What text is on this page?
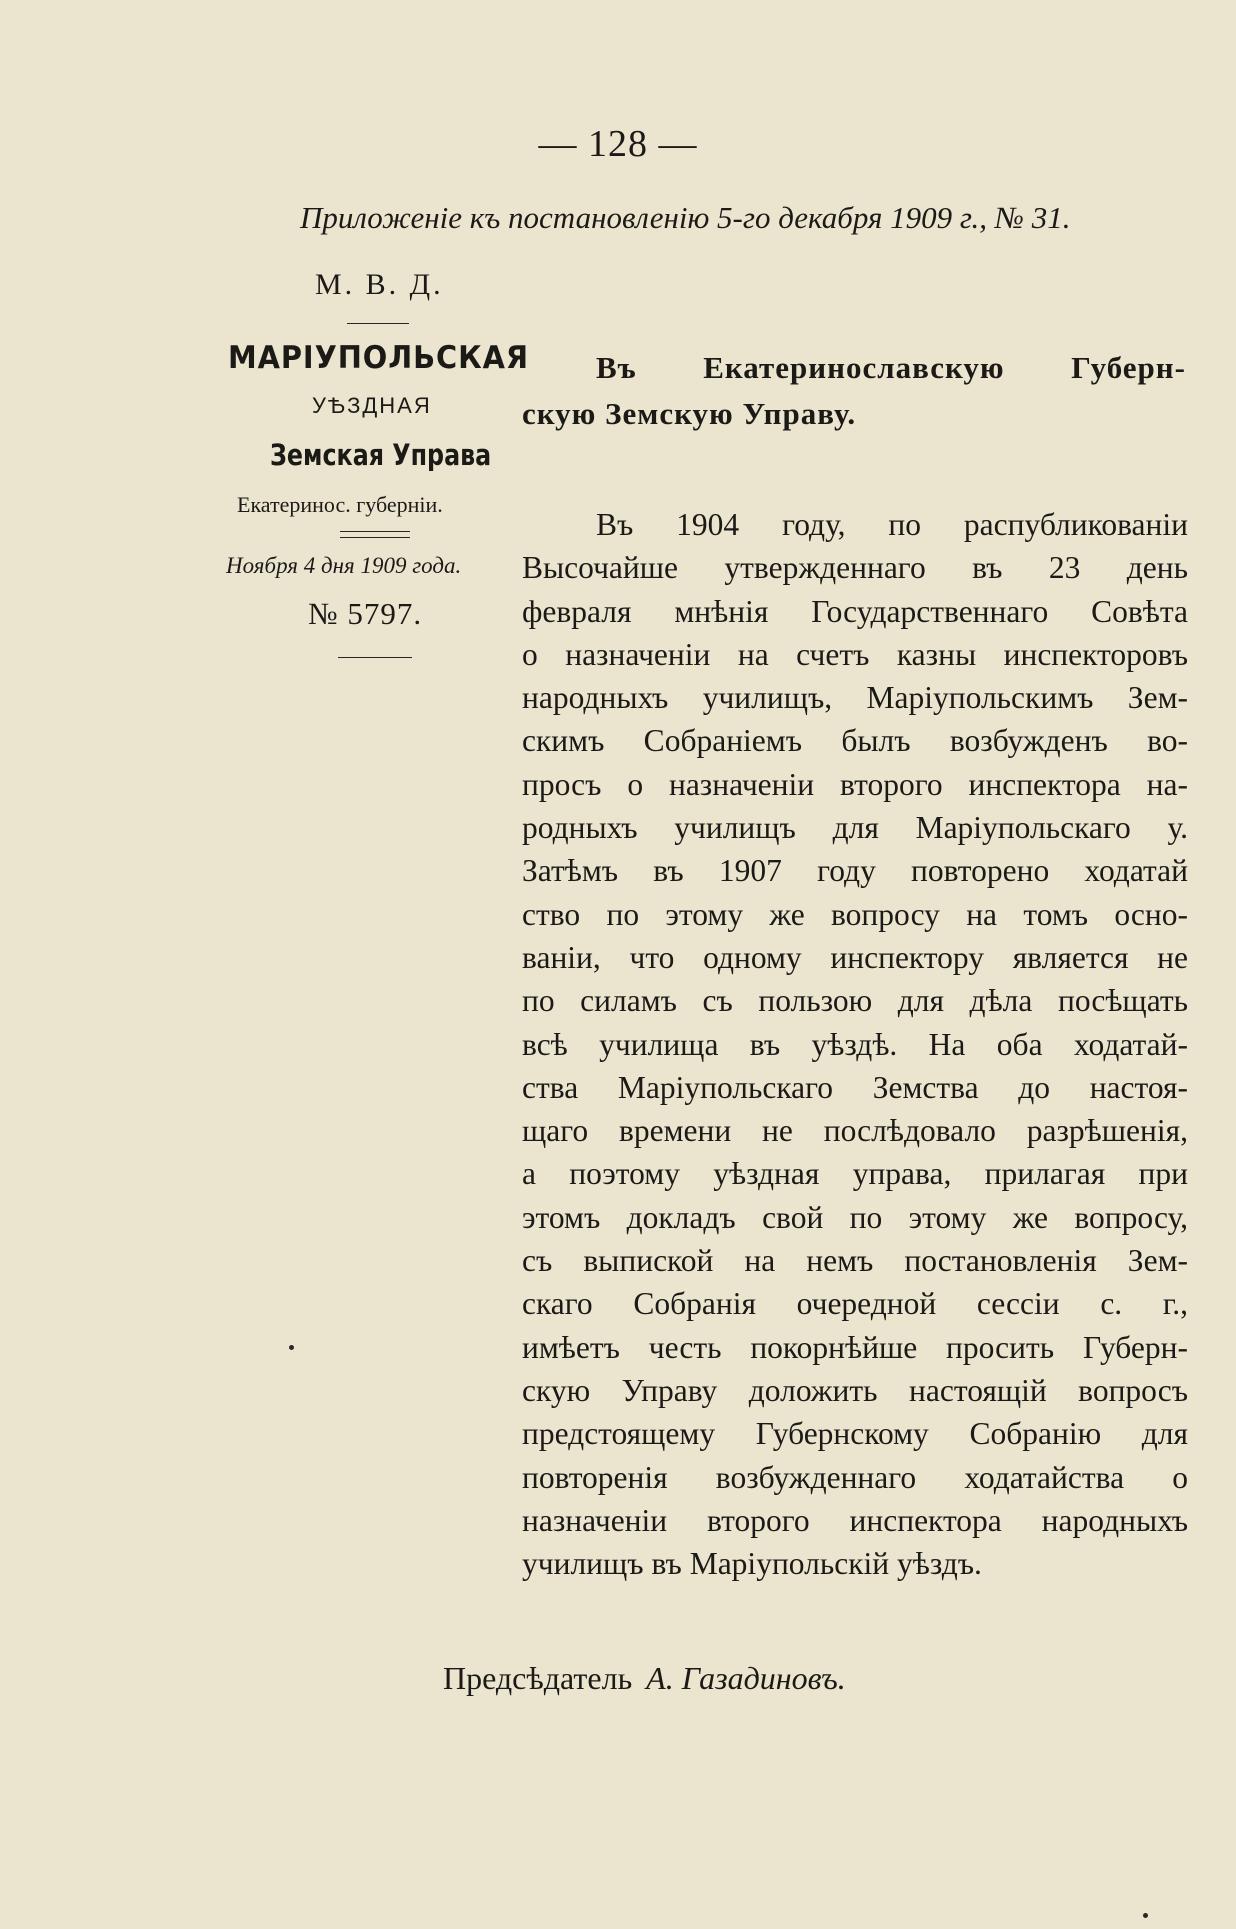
— 128 —
Приложеніе къ постановленію 5-го декабря 1909 г., № 31.
М. В. Д.
МАРІУПОЛЬСКАЯ
УѢЗДНАЯ
Земская Управа
Екатеринос. губерніи.
Ноября 4 дня 1909 года.
№ 5797.
Въ Екатеринославскую Губерн-
скую Земскую Управу.
Въ 1904 году, по распубликованіи
Высочайше утвержденнаго въ 23 день
февраля мнѣнія Государственнаго Совѣта
о назначеніи на счетъ казны инспекторовъ
народныхъ училищъ, Маріупольскимъ Зем-
скимъ Собраніемъ былъ возбужденъ во-
просъ о назначеніи второго инспектора на-
родныхъ училищъ для Маріупольскаго у.
Затѣмъ въ 1907 году повторено ходатай
ство по этому же вопросу на томъ осно-
ваніи, что одному инспектору является не
по силамъ съ пользою для дѣла посѣщать
всѣ училища въ уѣздѣ. На оба ходатай-
ства Маріупольскаго Земства до настоя-
щаго времени не послѣдовало разрѣшенія,
а поэтому уѣздная управа, прилагая при
этомъ докладъ свой по этому же вопросу,
съ выпиской на немъ постановленія Зем-
скаго Собранія очередной сессіи с. г.,
имѣетъ честь покорнѣйше просить Губерн-
скую Управу доложить настоящій вопросъ
предстоящему Губернскому Собранію для
повторенія возбужденнаго ходатайства о
назначеніи второго инспектора народныхъ
училищъ въ Маріупольскій уѣздъ.
Предсѣдатель А. Газадиновъ.
